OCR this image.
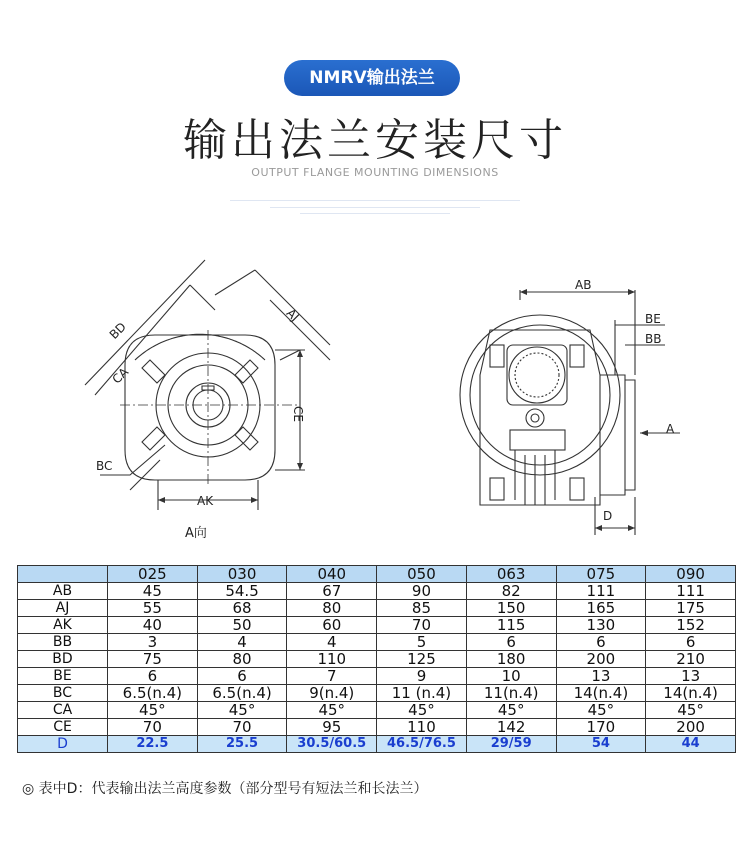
NMRV输出法兰
输出法兰安装尺寸
OUTPUT FLANGE MOUNTING DIMENSIONS
BD
CA
AJ
CE
BC
AK
A向
AB
BE
BB
A
D
	025	030	040	050	063	075	090
AB	45	54.5	67	90	82	111	111
AJ	55	68	80	85	150	165	175
AK	40	50	60	70	115	130	152
BB	3	4	4	5	6	6	6
BD	75	80	110	125	180	200	210
BE	6	6	7	9	10	13	13
BC	6.5(n.4)	6.5(n.4)	9(n.4)	11 (n.4)	11(n.4)	14(n.4)	14(n.4)
CA	45°	45°	45°	45°	45°	45°	45°
CE	70	70	95	110	142	170	200
D	22.5	25.5	30.5/60.5	46.5/76.5	29/59	54	44
◎ 表中D：代表输出法兰高度参数（部分型号有短法兰和长法兰）
